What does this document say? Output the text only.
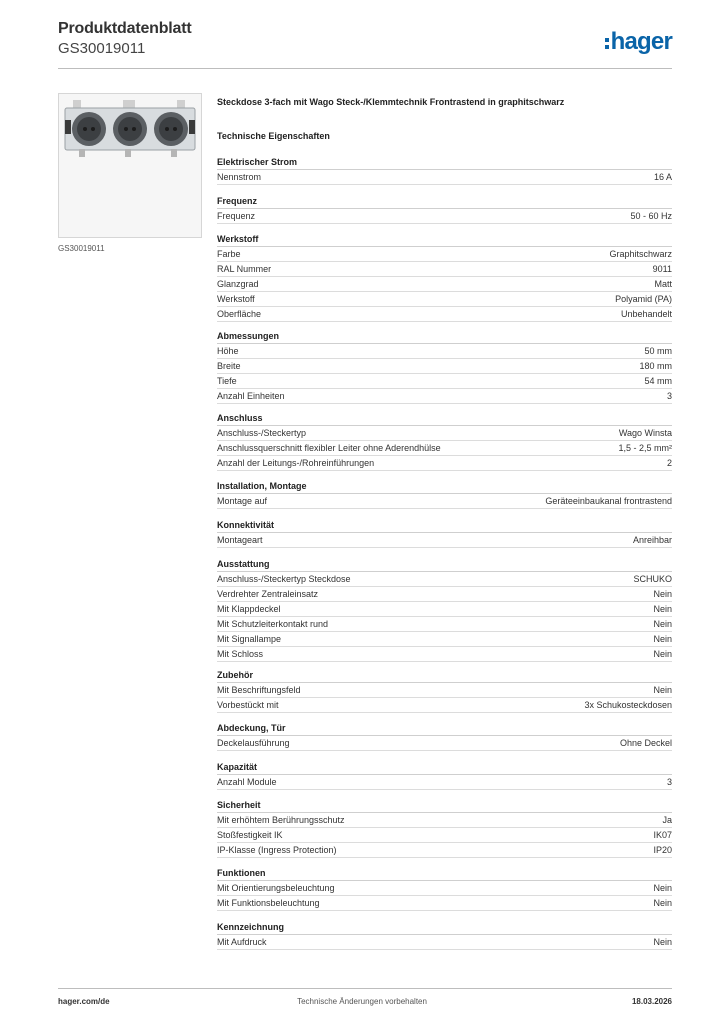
Produktdatenblatt
GS30019011	hager
GS30019011
Steckdose 3-fach mit Wago Steck-/Klemmtechnik Frontrastend in graphitschwarz
Technische Eigenschaften
Elektrischer Strom
Nennstrom	16 A
Frequenz
Frequenz	50 - 60 Hz
Werkstoff
Farbe	Graphitschwarz
RAL Nummer	9011
Glanzgrad	Matt
Werkstoff	Polyamid (PA)
Oberfläche	Unbehandelt
Abmessungen
Höhe	50 mm
Breite	180 mm
Tiefe	54 mm
Anzahl Einheiten	3
Anschluss
Anschluss-/Steckertyp	Wago Winsta
Anschlussquerschnitt flexibler Leiter ohne Aderendhülse	1,5 - 2,5 mm²
Anzahl der Leitungs-/Rohreinführungen	2
Installation, Montage
Montage auf	Geräteeinbaukanal frontrastend
Konnektivität
Montageart	Anreihbar
Ausstattung
Anschluss-/Steckertyp Steckdose	SCHUKO
Verdrehter Zentraleinsatz	Nein
Mit Klappdeckel	Nein
Mit Schutzleiterkontakt rund	Nein
Mit Signallampe	Nein
Mit Schloss	Nein
Zubehör
Mit Beschriftungsfeld	Nein
Vorbestückt mit	3x Schukosteckdosen
Abdeckung, Tür
Deckelausführung	Ohne Deckel
Kapazität
Anzahl Module	3
Sicherheit
Mit erhöhtem Berührungsschutz	Ja
Stoßfestigkeit IK	IK07
IP-Klasse (Ingress Protection)	IP20
Funktionen
Mit Orientierungsbeleuchtung	Nein
Mit Funktionsbeleuchtung	Nein
Kennzeichnung
Mit Aufdruck	Nein
hager.com/de	Technische Änderungen vorbehalten	18.03.2026
